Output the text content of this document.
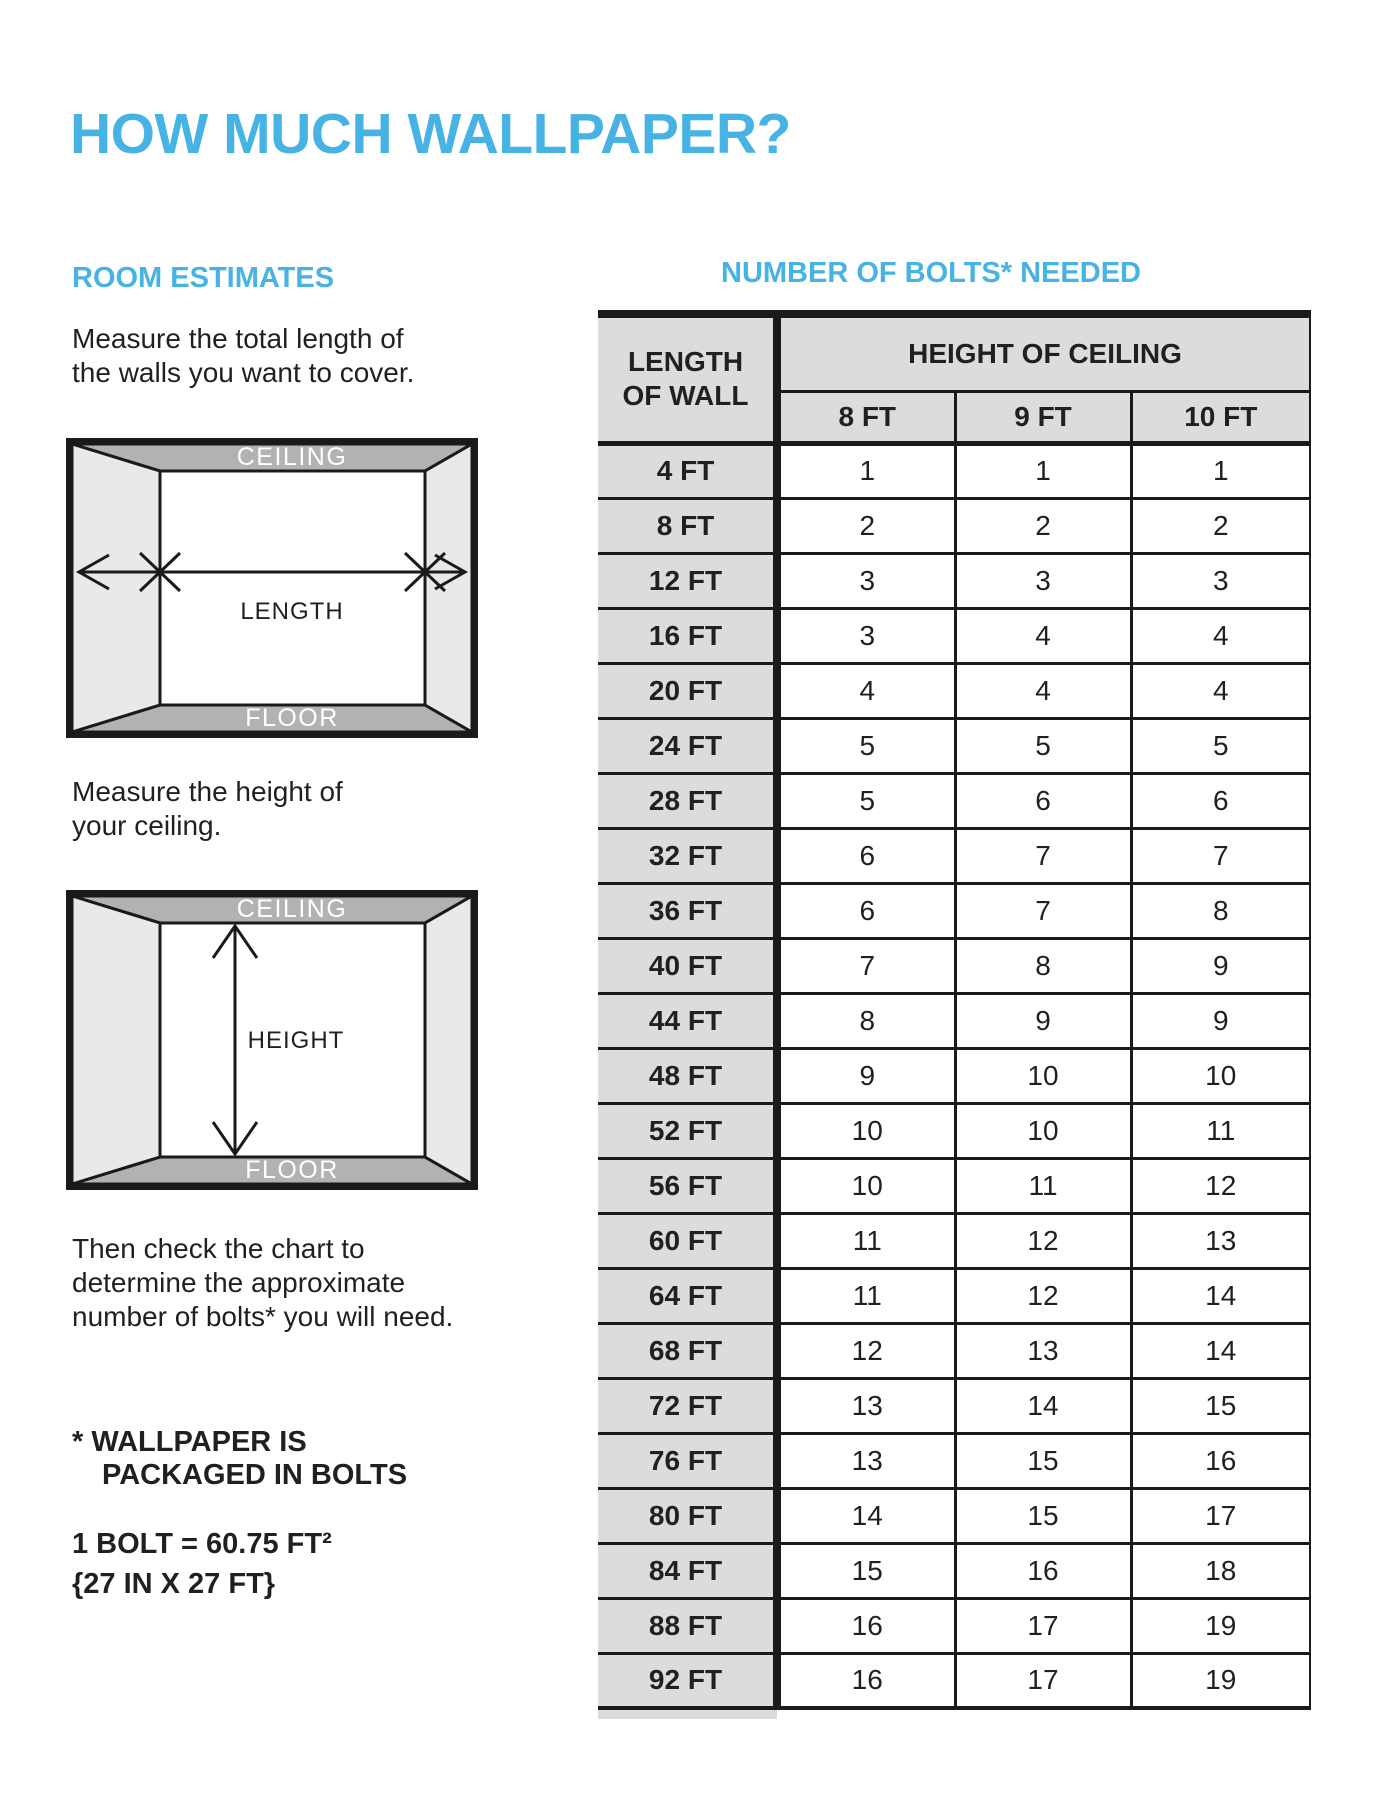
HOW MUCH WALLPAPER?
ROOM ESTIMATES
Measure the total length of
the walls you want to cover.
CEILING
FLOOR
LENGTH
Measure the height of
your ceiling.
CEILING
FLOOR
HEIGHT
Then check the chart to
determine the approximate
number of bolts* you will need.
* WALLPAPER IS
PACKAGED IN BOLTS
1 BOLT = 60.75 FT²
{27 IN X 27 FT}
NUMBER OF BOLTS* NEEDED
LENGTH
OF WALL	HEIGHT OF CEILING		
	8 FT	9 FT	10 FT
4 FT	1	1	1
8 FT	2	2	2
12 FT	3	3	3
16 FT	3	4	4
20 FT	4	4	4
24 FT	5	5	5
28 FT	5	6	6
32 FT	6	7	7
36 FT	6	7	8
40 FT	7	8	9
44 FT	8	9	9
48 FT	9	10	10
52 FT	10	10	11
56 FT	10	11	12
60 FT	11	12	13
64 FT	11	12	14
68 FT	12	13	14
72 FT	13	14	15
76 FT	13	15	16
80 FT	14	15	17
84 FT	15	16	18
88 FT	16	17	19
92 FT	16	17	19
